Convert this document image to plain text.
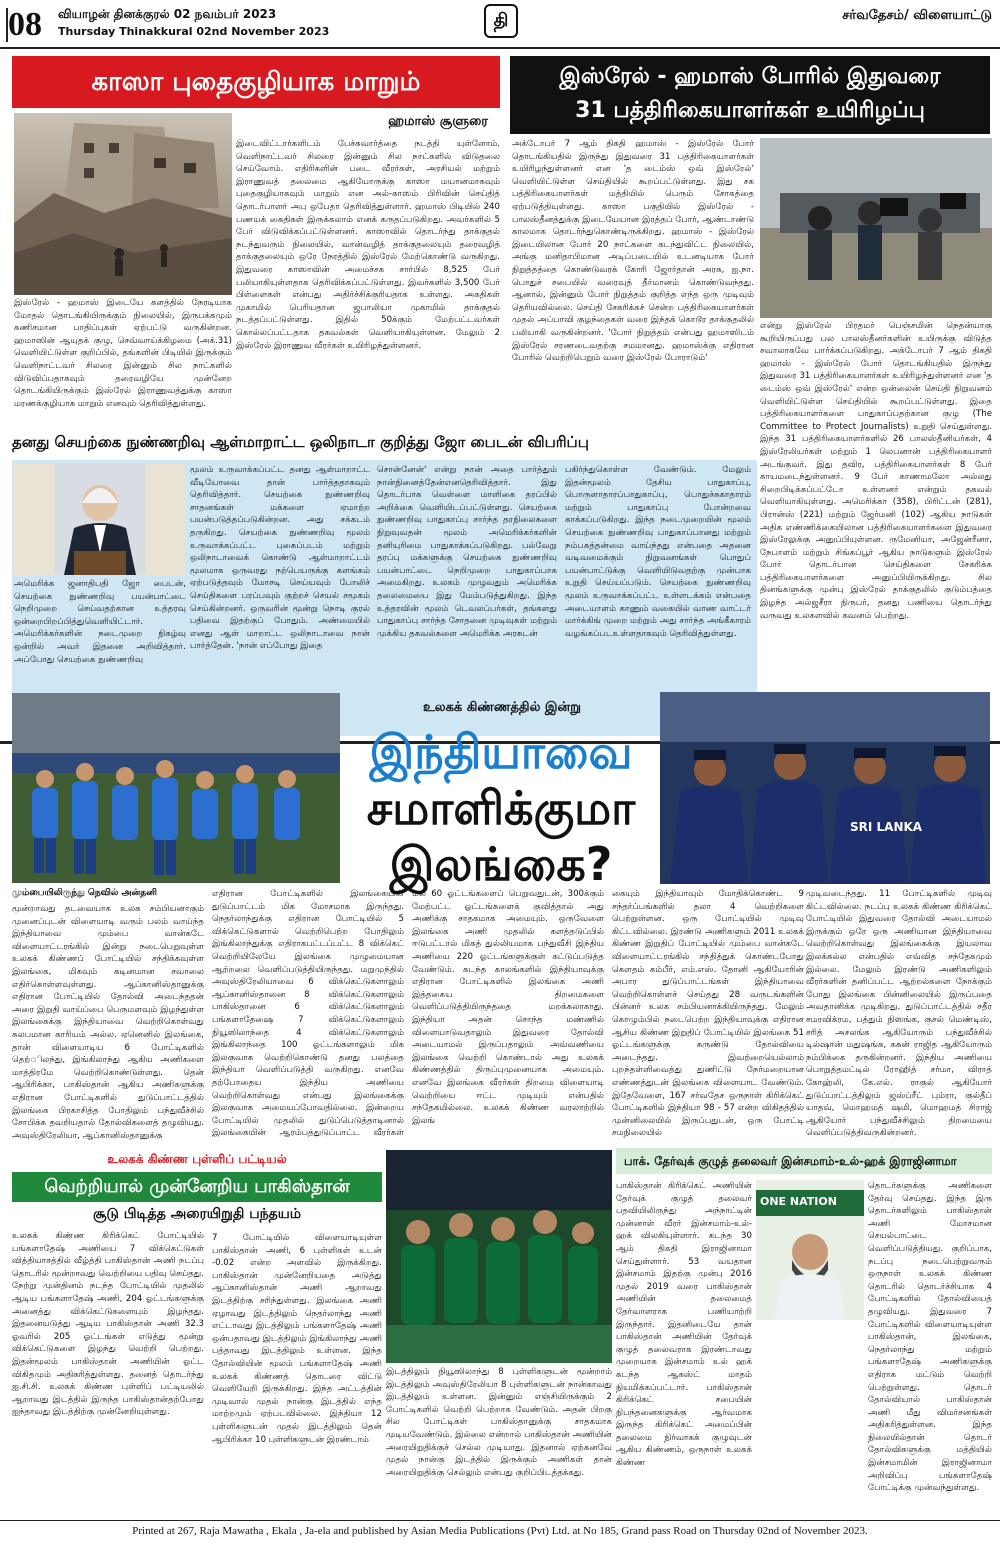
08 வியாழன் தினக்குரல் 02 நவம்பர் 2023
Thursday Thinakkural 02nd November 2023
தி	சர்வதேசம்/ விளையாட்டு
காஸா புதைகுழியாக மாறும்
ஹமாஸ் சூளுரை
இஸ்ரேல் - ஹமாஸ் இடையே களத்தில் நேரடியாக மோதல் தொடங்கியிருக்கும் நிலையில், இருபக்கமும் கணிசமான பாதிப்புகள் ஏற்பட்டு வருகின்றன. ஹமாஸின் ஆயுதக் குழு, செவ்வாய்க்கிழமை (அக்.31) வெளியிட்டுள்ள குறிப்பில், தங்களின் பிடியில் இருக்கும் வெளிநாட்டவர் சிலரை இன்னும் சில நாட்களில் விடுவிப்பதாகவும் தரைவழியே முன்னேற தொடங்கியிருக்கும் இஸ்ரேல் இராணுவத்துக்கு காஸா மரணக்குழியாக மாறும் எனவும் தெரிவித்துள்ளது.
இடைவிட்டார்களிடம் பேச்சுவார்த்தை நடத்தி யுள்ளோம். வெளிநாட்டவர் சிலரை இன்னும் சில நாட்களில் விடுதலை செய்வோம். எதிரிகளின் படை வீரர்கள், அரசியல் மற்றும் இராணுவத் தலைமை ஆகியோருக்கு காஸா மயானமாகவும் புதைகுழியாகவும் மாறும் என அல்-காஸம் பிரிவின் செய்தித் தொடர்பாளர் அபு ஒபேதா தெரிவித்துள்ளார். ஹமாஸ் பிடியில் 240 பணயக் கைதிகள் இருக்கலாம் எனக் கருதப்படுகிறது. அவர்களில் 5 பேர் விடுவிக்கப்பட்டுள்ளனர். காஸாவில் தொடர்ந்து தாக்குதல் நடந்துவரும் நிலையில், வான்வழித் தாக்குதலையும் தரைவழித் தாக்குதலையும் ஒரே நேரத்தில் இஸ்ரேல் மேற்கொண்டு வருகிறது. இதுவரை காஸாவின் அமைச்சக சார்பில் 8,525 பேர் பலியாகியுள்ளதாக தெரிவிக்கப்பட்டுள்ளது. இவர்களில் 3,500 பேர் பிள்ளைகள் என்பது அதிர்ச்சிக்குரியதாக உள்ளது. அகதிகள் முகாமில் பெரியதான ஜபாலியா முகாமில் தாக்குதல் நடத்தப்பட்டுள்ளது. இதில் 50க்கும் மேற்பட்டவர்கள் கொல்லப்பட்டதாக தகவல்கள் வெளியாகியுள்ளன. மேலும் 2 இஸ்ரேல் இராணுவ வீரர்கள் உயிரிழந்துள்ளனர்.
இஸ்ரேல் - ஹமாஸ் போரில் இதுவரை
31 பத்திரிகையாளர்கள் உயிரிழப்பு
அக்டோபர் 7 ஆம் திகதி ஹமாஸ் - இஸ்ரேல் போர் தொடங்கியதில் இருந்து இதுவரை 31 பத்திரிகையாளர்கள் உயிரிழந்துள்ளனர் என 'த டைம்ஸ் ஒவ் இஸ்ரேல்' வெளியிட்டுள்ள செய்தியில் கூறப்பட்டுள்ளது. இது சக பத்திரிகையாளர்கள் மத்தியில் பெரும் சோகத்தை ஏற்படுத்தியுள்ளது. காஸா பகுதியில் இஸ்ரேல் - பாலஸ்தீனத்துக்கு இடையேயான இரத்தப் போர், ஆண்டாண்டு காலமாக தொடர்ந்துகொண்டிருக்கிறது. ஹமாஸ் - இஸ்ரேல் இடையிலான போர் 20 நாட்களை கடந்துவிட்ட நிலையில், அங்கு மனிதாபிமான அடிப்படையில் உடனடியாக போர் நிறுத்தத்தை கொண்டுவரக் கோரி ஜோர்தான் அரசு, ஐ.நா. பொதுச் சபையில் வரைவுத் தீர்மானம் கொண்டுவந்தது. ஆனால், இன்னும் போர் நிறுத்தம் குறித்த எந்த ஒரு முடிவும் தெரியவில்லை. செய்தி சேகரிக்கச் சென்ற பத்திரிகையாளர்கள் முதல் அப்பாவி குழந்தைகள் வரை இந்தக் கொடூர தாக்குதலில் பலியாகி வருகின்றனர். 'போர் நிறுத்தம் என்பது ஹமாஸிடம் இஸ்ரேல் சரணடைவதற்கு சமமானது. ஹமாஸ்க்கு எதிரான போரில் வெற்றிபெறும் வரை இஸ்ரேல் போராடும்'
என்று இஸ்ரேல் பிரதமர் பெஞ்சமின் நெதன்யாகு கூறியிருப்பது பல பாலஸ்தீனர்களின் உயிருக்கு விடுத்த சவாலாகவே பார்க்கப்படுகிறது. அக்டோபர் 7 ஆம் திகதி ஹமாஸ் - இஸ்ரேல் போர் தொடங்கியதில் இருந்து இதுவரை 31 பத்திரிகையாளர்கள் உயிரிழந்துள்ளனர் என 'த டைம்ஸ் ஒவ் இஸ்ரேல்' என்ற ஒன்லைன் செய்தி நிறுவனம் வெளியிட்டுள்ள செய்தியில் கூறப்பட்டுள்ளது. இதை பத்திரிகையாளர்களை பாதுகாப்பதற்கான குழு (The Committee to Protect Journalists) உறுதி செய்துள்ளது. இந்த 31 பத்திரிகையாளர்களில் 26 பாலஸ்தீனியர்கள், 4 இஸ்ரேலியர்கள் மற்றும் 1 லெபனான் பத்திரிகையாளர் அடங்குவர். இது தவிர, பத்திரிகையாளர்கள் 8 பேர் காயமடைந்துள்ளனர். 9 பேர் காணாமலோ அல்லது சிறைபிடிக்கப்பட்டோ உள்ளனர் என்றும் தகவல் வெளியாகியுள்ளது. அமெரிக்கா (358), பிரிட்டன் (281), பிரான்ஸ் (221) மற்றும் ஜேர்மனி (102) ஆகிய நாடுகள் அதிக எண்ணிக்கையிலான பத்திரிகையாளர்களை இதுவரை இஸ்ரேலுக்கு அனுப்பியுள்ளன. ருமேனியா, அஜேன்ரீனா, நேபாளம் மற்றும் சிங்கப்பூர் ஆகிய நாடுகளும் இஸ்ரேல் போர் தொடர்பான செய்திகளை சேகரிக்க பத்திரிகையாளர்களை அனுப்பியிருக்கிறது. சில தினங்களுக்கு முன்பு இஸ்ரேல் தாக்குதலில் குடும்பத்தை இழந்த அல்ஜசீரா நிருபர், தனது பணியை தொடர்ந்து வருவது உலகளவில் கவனம் பெற்றது.
தனது செயற்கை நுண்ணறிவு ஆள்மாறாட்ட ஒலிநாடா குறித்து ஜோ பைடன் விபரிப்பு
அமெரிக்க ஜனாதிபதி ஜோ பைடன், செயற்கை நுண்ணறிவு பயன்பாட்டை நெறிமுறை செய்வதற்கான உத்தரவு ஒன்றைபிறப்பித்துவெளியிட்டார். அமெரிக்கர்களின் நடைமுறை நிகழ்வு ஒன்றில் அவர் இதனை அறிவித்தார். அப்போது செயற்கை நுண்ணறிவு
மூலம் உருவாக்கப்பட்ட தனது ஆள்மாறாட்ட வீடியோவை தான் பார்த்ததாகவும் தெரிவித்தார். செயற்கை நுண்ணறிவு சாதனங்கள் மக்களை ஏமாற்ற பயன்படுத்தப்படுகின்றன. அது சக்கடம் தருகிறது. செயற்கை நுண்ணறிவு மூலம் உருவாக்கப்பட்ட புகைப்படம் மற்றும் ஒலிநாடாவைக் கொண்டு ஆள்மாறாட்டம் மூலமாக ஒருவரது நற்பெயருக்கு களங்கம் ஏற்படுத்தவும் மோசடி செய்யவும் போலிச் செய்திகளை பரப்பவும் குற்றச் செயல் சமூகம் செய்கின்றனர். ஒருவரின் மூன்று நொடி குரல் பதிவை இதற்குப் போதும். அண்மையில் எனது ஆள் மாறாட்ட ஒலிநாடாவை நான் பார்த்தேன். 'நான் எப்போது இதை
சொன்னேன்' என்று நான் அதை பார்த்தும் நான்நினைத்தேன்எனதெரிவித்தார். இது தொடர்பாக வெள்ளை மாளிகை தரப்பில் அறிக்கை வெளியிடப்பட்டுள்ளது. செயற்கை நுண்ணறிவு பாதுகாப்பு சார்ந்த தரநிலைகளை நிறுவுவதன் மூலம் அமெரிக்கர்களின் தனியுரிமை பாதுகாக்கப்படுகிறது. பல்வேறு தரப்பு மக்களுக்கு செயற்கை நுண்ணறிவு பயன்பாட்டை நெறிமுறை பாதுகாப்பாக அமைகிறது. உலகம் முழுவதும் அமெரிக்க தலைமையை இது மேம்படுத்துகிறது. இந்த உத்தரவின் மூலம் டெவலப்பர்கள், தங்களது பாதுகாப்பு சார்ந்த சோதனை முடிவுகள் மற்றும் முக்கிய தகவல்களை அமெரிக்க அரசுடன்
பகிர்ந்துகொள்ள வேண்டும். மேலும் இதன்மூலம் தேசிய பாதுகாப்பு, பொருளாதாரப்பாதுகாப்பு, பொதுச்சுகாதாரம் மற்றும் பாதுகாப்பு போன்றவை காக்கப்படுகிறது. இந்த நடைமுறையின் மூலம் செயற்கை நுண்ணறிவு பாதுகாப்பானது மற்றும் நம்பகத்தன்மை வாய்ந்தது என்பதை அதனை வடிவமைக்கும் நிறுவனங்கள் பொதுப் பயன்பாட்டுக்கு வெளியிடுவதற்கு முன்பாக உறுதி செய்யப்படும். செயற்கை நுண்ணறிவு மூலம் உருவாக்கப்பட்ட உள்ளடக்கம் என்பதை அடையாளம் காணும் வகையில் வாண வாட்டர் மார்க்கிங் முறை மற்றும் அது சார்ந்த அங்கீகாரம் வழங்கப்படஉள்ளதாகவும் தெரிவித்துள்ளது.
உலகக் கிண்ணத்தில் இன்று
இந்தியாவை
சமாளிக்குமா
இலங்கை?
SRI LANKA
மும்பையிலிருந்து நெவில் அன்தனி
மூன்றாவது தடவையாக உலக சம்பியனாகும் முனைப்புடன் விளையாடி வரும் பலம் வாய்ந்த இந்தியாவை மும்பை வான்கடே விளையாட்டரங்கில் இன்று நடைபெறுவுள்ள உலகக் கிண்ணப் போட்டியில் சந்திக்கவுள்ள இலங்கை, மிகவும் கடினமான சவாலை எதிர்கொள்ளவுள்ளது. ஆப்கானிஸ்தானுக்கு எதிரான போட்டியில் தோல்வி அடைந்ததன் அரை இறுதி வாய்ப்பை பெருமளவும் இழந்துள்ள இலங்கைக்கு இந்தியாவை வெற்றிகொள்வது சுலபமான காரியம் அல்ல. ஏனெனில் இலங்கை, தான் விளையாடிய 6 போட்டிகளில் தெற்ிலந்து, இங்கிலாந்து ஆகிய அணிகளை மாத்திரமே வெற்றிகொண்டுள்ளது. தென் ஆபிரிக்கா, பாகிஸ்தான் ஆகிய அணிகளுக்கு எதிரான போட்டிகளில் துடுப்பாட்டத்தில் இலங்கை பிரகாசித்த போதிலும் பந்துவீச்சில் சோபிக்க தவறியதால் தோல்விகளைத் தழுவியது. அவுஸ்திரேலியா, ஆப்கானிஸ்தானுக்கு
எதிரான போட்டிகளில் இலங்கையின் துடுப்பாட்டம் மிக மோசமாக இருந்தது. நெதர்லாந்துக்கு எதிரான போட்டியில் 5 விக்கெட்டுகளால் வெற்றிபெற்ற போதிலும் இங்கிலாந்துக்கு எதிராகபட்டப்பட்ட 8 விக்கெட் வெற்றியிலேயே இலங்கை முழுமையான ஆற்றலை வெளிப்படுத்தியிருந்தது. மறுமுந்தில் அவுஸ்திரேலியாவை 6 விக்கெட்டுகளாலும் ஆப்கானிஸ்தானை 8 விக்கெட்டுகளாலும் பாகிஸ்தானை 6 விக்கெட்டுகளாலும் பங்களாதேஷை 7 விக்கெட்டுகளாலும் நியூஸிலாந்தை 4 விக்கெட்டுகளாலும் இங்கிலாந்தை 100 ஓட்டங்களாலும் மிக இலகுவாக வெற்றிகொண்டு தனது பலத்தை இந்தியா வெளிப்படுத்தி வருகிறது. எனவே தற்போதைய இந்திய அணியை வெற்றிகொள்வது என்பது இலங்கைக்கு இலகுவாக அமையப்போவதில்லை. இன்றைய போட்டியில் முதலில் துடுப்பெடுத்தாடினால் இலங்கையின் ஆரம்பத்துடுப்பாட்ட வீரர்கள்
மல் 60 ஓட்டங்களைப் பெறுவதுடன், 300க்கும் மேற்பட்ட ஓட்டங்களைக் குவித்தால் அது அணிக்கு சாதகமாக அமையும். ஒருவேளை இலங்கை அணி முதலில் களத்தடுப்பில் ஈடுபட்டால் மிகத் துல்லியமாக பந்துவீசி இந்திய அணியை 220 ஓட்டங்களுக்குள் கட்டுப்படுத்த வேண்டும். கடந்த காலங்களில் இந்தியாவுக்கு எதிரான போட்டிகளில் இலங்கை அணி இத்தகைய திறமைகளை வெளிப்படுத்தியிருந்ததை மறக்கலாகாது. இந்தியா அதன் சொந்த மண்ணில் விளையாடுவதாலும் இதுவரை தோல்வி அடையாமல் இருப்பதாலும் அவ்வணியை இலங்கை வெற்றி கொண்டால் அது உலகக் கிண்ணத்தில் திருப்புமுனையாக அமையும். எனவே இலங்கை வீரர்கள் திறமை விளையாடி வெற்றியை ஈட்ட முடியும் என்பதில் சந்தேகமில்லை. உலகக் கிண்ண வரலாற்றில் இலங்
கையும் இந்தியாவும் மோதிக்கொண்ட 9 சந்தர்ப்பங்களில் தலா 4 வெற்றிகளை பெற்றுள்ளன. ஒரு போட்டியில் முடிவு கிட்டவில்லை. இரண்டு அணிகளும் 2011 உலகக் கிண்ண இறுதிப் போட்டியில் மும்பை வான்கடே விளையாட்டரங்கில் சந்தித்துக் கொண்டபோது கௌதம் கம்பீர், எம்.எஸ். தோனி ஆகியோரின் அபார துடுப்பாட்டங்கள் இந்தியாவை வெற்றிகொள்ளச் செய்தது 28 வருடங்களின் பின்னர் உலக சம்பியனாக்கியிருந்தது. மேலும் கொழும்பில் நடைபெற்ற இந்தியாவுக்கு எதிரான ஆசிய கிண்ண இறுதிப் போட்டியில் இலங்கை 51 ஓட்டங்களுக்கு சுருண்டு தோல்வியை அடைந்தது. இவற்றையெல்லாம் புறந்தள்ளிவைத்து துணிட்டு நேர்மறையான எண்ணத்துடன் இலங்கை விளையாட வேண்டும். இதேவேளை, 167 சர்வதேச ஒருநாள் கிரிக்கெட் போட்டிகளில் இந்தியா 98 - 57 என்ற விகிதத்தில் முன்னிலையில் இருப்பதுடன், ஒரு போட்டி சமநிலையில்
முடிவடைந்தது. 11 போட்டிகளில் முடிவு கிட்டவில்லை. நடப்பு உலகக் கிண்ண கிரிக்கெட் போட்டியில் இதுவரை தோல்வி அடையாமல் இருக்கும் ஒரே ஒரு அணியான இந்தியாவை வெற்றிகொள்வது இலங்கைக்கு இயலாவ இலக்கல்ல என்பதில் எவ்வித சந்தேகமும் இல்லை. மேலும் இரண்டு அணிகளிலும் வீரர்களின் தனிப்பட்ட ஆற்றல்களை நோக்கும் போது இலங்கை பின்னிலையில் இருப்பதை அவதானிக்க முடிகிறது. துடுப்பாட்டத்தில் சதீர சமரவிக்ரம, பத்தும் நிஸங்க, குசல் மெண்டிஸ், சரித் அசலங்க ஆகியோரும் பந்துவீச்சில் டில்ஷான் மதுஷங்க, கசுன் ராஜித ஆகியோரும் நம்பிக்கை தருகின்றனர். இந்திய அணியை பொறுத்தமட்டில் ரோஹித் சர்மா, விராத் கோஹ்லி, கே.எல். ராகுல் ஆகியோர் துடுப்பாட்டத்திலும் ஜஸ்ப்ரீட் பும்ரா, குல்தீப் யாதவ், மொஹமத் ஷமி, மொஹமத் சிராஜ் ஆகியோர் பந்துவீச்சிலும் திறமையை வெளிப்படுத்திவருகின்றனர்.
உலகக் கிண்ண புள்ளிப் பட்டியல்
வெற்றியால் முன்னேறிய பாகிஸ்தான்
சூடு பிடித்த அரையிறுதி பந்தயம்
உலகக் கிண்ண கிரிக்கெட் போட்டியில் பங்களாதேஷ் அணியை 7 விக்கெட்டுகள் வித்தியாசத்தில் வீழ்த்தி பாகிஸ்தான் அணி நடப்பு தொடரில் மூன்றாவது வெற்றியை பதிவு செய்தது. நேற்று முன்தினம் நடந்த போட்டியில் முதலில் ஆடிய பங்களாதேஷ் அணி, 204 ஓட்டங்களுக்கு அனைத்து விக்கெட்டுகளையும் இழந்தது. இதனையடுத்து ஆடிய பாகிஸ்தான் அணி 32.3 ஓவரில் 205 ஓட்டங்கள் எடுத்து மூன்று விக்கெட்டுகளை இழந்து வெற்றி பெற்றது. இதன்மூலம் பாகிஸ்தான் அணியின் ஓட்ட விகிதமும் அதிகரித்துள்ளது. தனைத் தொடர்ந்து ஐ.சி.சி. உலகக் கிண்ண புள்ளிப் பட்டியலில் ஆறாவது இடத்தில் இருந்த பாகிஸ்தான்தற்போது ஐந்தாவது இடத்திற்கு முன்னேறியுள்ளது.
7 போட்டியில் விளையாடியுள்ள பாகிஸ்தான் அணி, 6 புள்ளிகள் உடன் -0.02 என்ற அளவில் இருக்கிறது. பாகிஸ்தான் முன்னேறியதை அடுத்து ஆப்கானிஸ்தான் அணி ஆறாவது இடத்திற்கு சரிந்துள்ளது. இலங்கை அணி ஏழாவது இடத்திலும் நெதர்லாந்து அணி எட்டாவது இடத்திலும் பங்களாதேஷ் அணி ஒன்பதாவது இடத்திலும் இங்கிலாந்து அணி பத்தாவது இடத்திலும் உள்ளன. இந்த தோல்வியின் மூலம் பங்களாதேஷ் அணி உலகக் கிண்ணத் தொடரை விட்டு வெளியேறி இருக்கிறது. இந்த அட்டத்தின் முடிவால் முதல் நான்கு இடத்தில் எந்த மாற்றமும் ஏற்படவில்லை. இந்தியா 12 புள்ளிகளுடன் முதல் இடத்திலும் தென் ஆபிரிக்கா 10 புள்ளிகளுடன் இரண்டாம்
இடத்திலும் நியூஸிலாந்து 8 புள்ளிகளுடன் மூன்றாம் இடத்திலும் அவுஸ்திரேலியா 8 புள்ளிகளுடன் நான்காவது இடத்திலும் உள்ளன. இன்னும் எஞ்சியிருக்கும் 2 போட்டிகளில் வெற்றி பெற்றாக வேண்டும். அதன் பிறகு சில போட்டிகள் பாகிஸ்தானுக்கு சாதகமாக முடியவேண்டும். இல்லை என்றால் பாகிஸ்தான் அணியின் அரையிறுதிக்குச் செல்ல முடியாது. இதனால் ஏற்கனவே முதல் நான்கு இடத்தில் இருக்கும் அணிகள் தான் அரையிறுதிக்கு செல்லும் என்பது குறிப்பிடத்தக்கது.
பாக். தேர்வுக் குழுத் தலைவர் இன்சமாம்-உல்-ஹக் இராஜினாமா
பாகிஸ்தான் கிரிக்கெட் அணியின் தேர்வுக் குழுத் தலைவர் பதவியிலிருந்து அந்நாட்டின் முன்னாள் வீரர் இன்சமாம்-உல்-ஹக் விலகியுள்ளார். கடந்த 30 ஆம் திகதி இராஜினாமா செய்துள்ளார். 53 வயதான இன்சமாம் இதற்கு முன்பு 2016 முதல் 2019 வரை பாகிஸ்தான் அணியின் தலைமைத் தேர்வாளராக பணியாற்றி இருந்தார். இதனிடையே தான் பாகிஸ்தான் அணியின் தேர்வுக் குழுத் தலைவராக இரண்டாவது முறையாக இன்சமாம் உல் ஹக் கடந்த ஆகஸ்ட் மாதம் நியமிக்கப்பட்டார். பாகிஸ்தான் கிரிக்கெட் சபையின் நிபந்தனைகளுக்கு ஆர்வமாக இருந்த கிரிக்கெட் அமைப்பின் தலைமை நிர்வாகக் குழுவுடன் ஆகிய கிண்ணம், ஒருநாள் உலகக் கிண்ண
ONE NATION
தொடர்களுக்கு அணிகளை தேர்வு செய்தது. இந்த இரு தொடர்களிலும் பாகிஸ்தான் அணி மோசமான செயல்பாட்டை வெளிப்படுத்தியது. குறிப்பாக, நடப்பு நடைபெற்றுவரும் ஒருநாள் உலகக் கிண்ண தொடரில் தொடர்ச்சியாக 4 போட்டிகளில் தோல்வியைத் தழுவியது. இதுவரை 7 போட்டிகளில் விளையாடியுள்ள பாகிஸ்தான், இலங்கை, நெதர்லாந்து மற்றும் பங்களாதேஷ் அணிகளுக்கு எதிராக மட்டும் வெற்றி பெற்றுள்ளது. தொடர் தோல்வியால் பாகிஸ்தான் அணி மீது விமர்சனங்கள் அதிகரித்துள்ளன. இந்த நிலையில்தான் தொடர் தோல்விகளுக்கு மத்தியில் இன்சமாமின் இராஜினாமா அறிவிப்பு பங்களாதேஷ் போட்டிக்கு முன்வந்துள்ளது.
Printed at 267, Raja Mawatha , Ekala , Ja-ela and published by Asian Media Publications (Pvt) Ltd. at No 185, Grand pass Road on Thursday 02nd of November 2023.
